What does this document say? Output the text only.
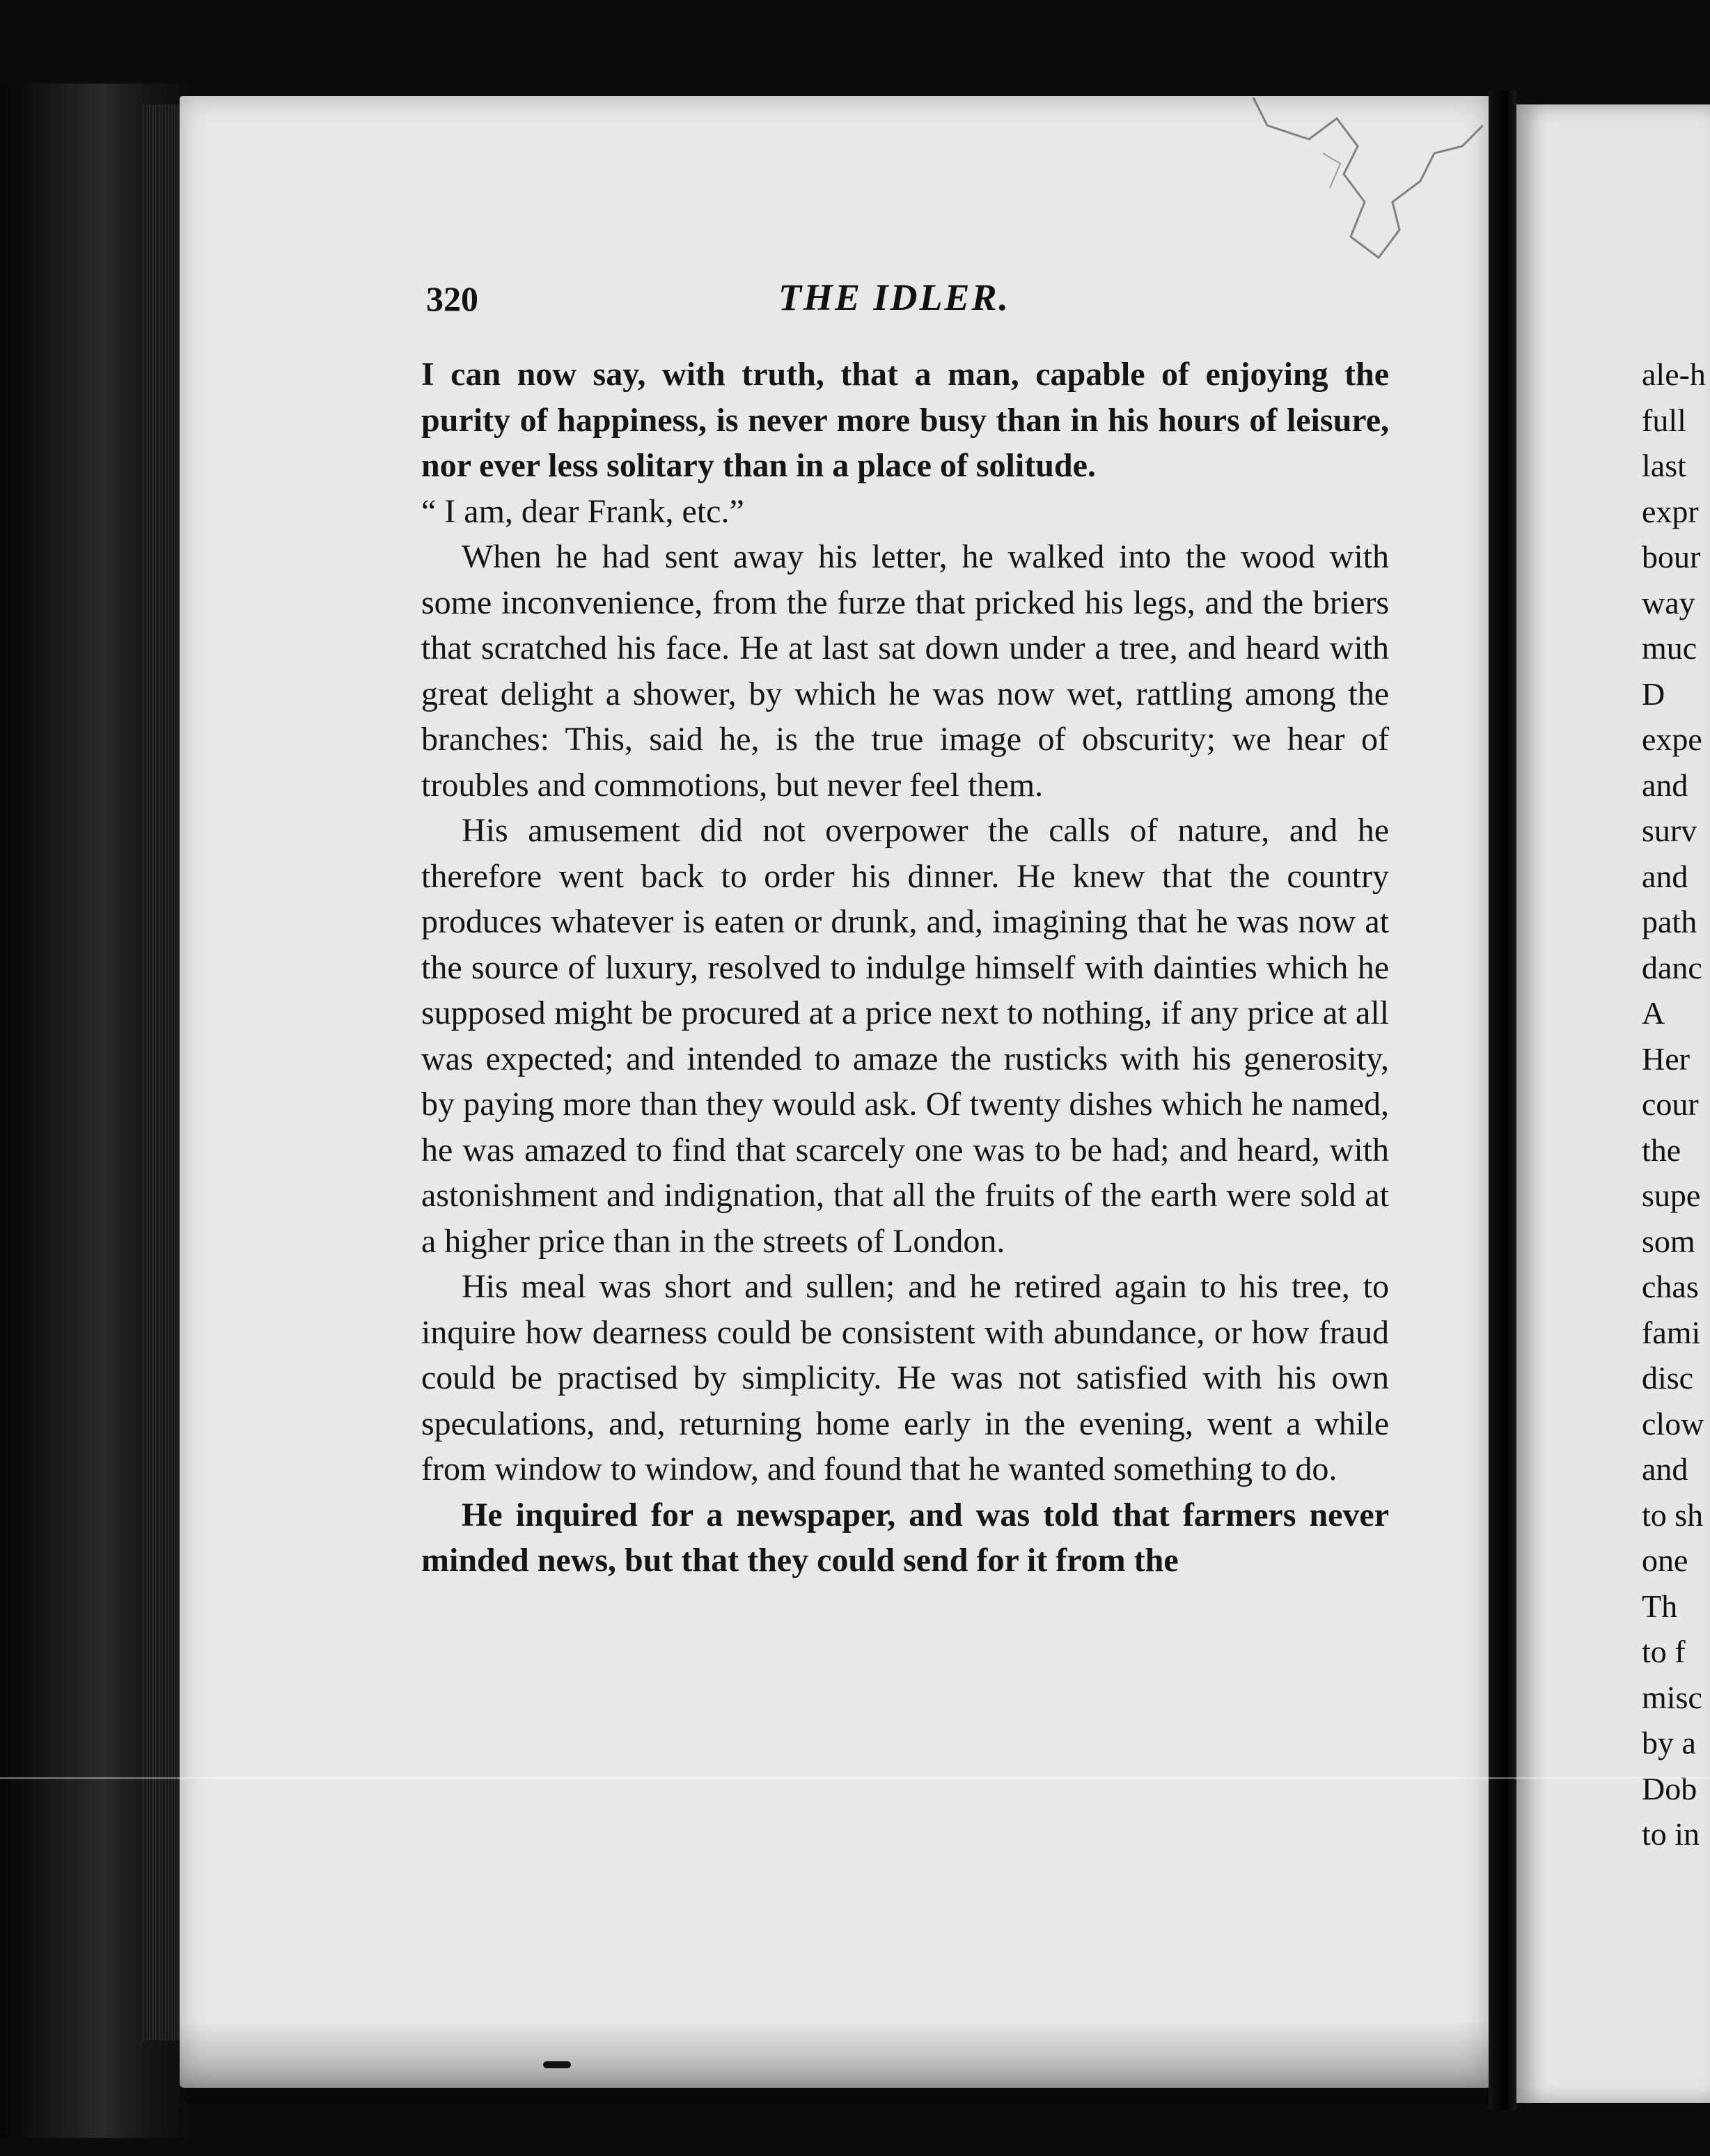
ale-h
full
last
expr
bour
way
muc
D
expe
and
surv
and
path
danc
A
Her
cour
the
supe
som
chas
fami
disc
clow
and
to sh
one
Th
to f
misc
by a
Dob
to in
320	THE IDLER.

I can now say, with truth, that a man, capable of enjoying the purity of happiness, is never more busy than in his hours of leisure, nor ever less solitary than in a place of solitude.

“ I am, dear Frank, etc.”

When he had sent away his letter, he walked into the wood with some inconvenience, from the furze that pricked his legs, and the briers that scratched his face. He at last sat down under a tree, and heard with great delight a shower, by which he was now wet, rattling among the branches: This, said he, is the true image of obscurity; we hear of troubles and commotions, but never feel them.

His amusement did not overpower the calls of nature, and he therefore went back to order his dinner. He knew that the country produces whatever is eaten or drunk, and, imagining that he was now at the source of luxury, resolved to indulge himself with dainties which he supposed might be procured at a price next to nothing, if any price at all was expected; and intended to amaze the rusticks with his generosity, by paying more than they would ask. Of twenty dishes which he named, he was amazed to find that scarcely one was to be had; and heard, with astonishment and indignation, that all the fruits of the earth were sold at a higher price than in the streets of London.

His meal was short and sullen; and he retired again to his tree, to inquire how dearness could be consistent with abundance, or how fraud could be practised by simplicity. He was not satisfied with his own speculations, and, returning home early in the evening, went a while from window to window, and found that he wanted something to do.

He inquired for a newspaper, and was told that farmers never minded news, but that they could send for it from the
